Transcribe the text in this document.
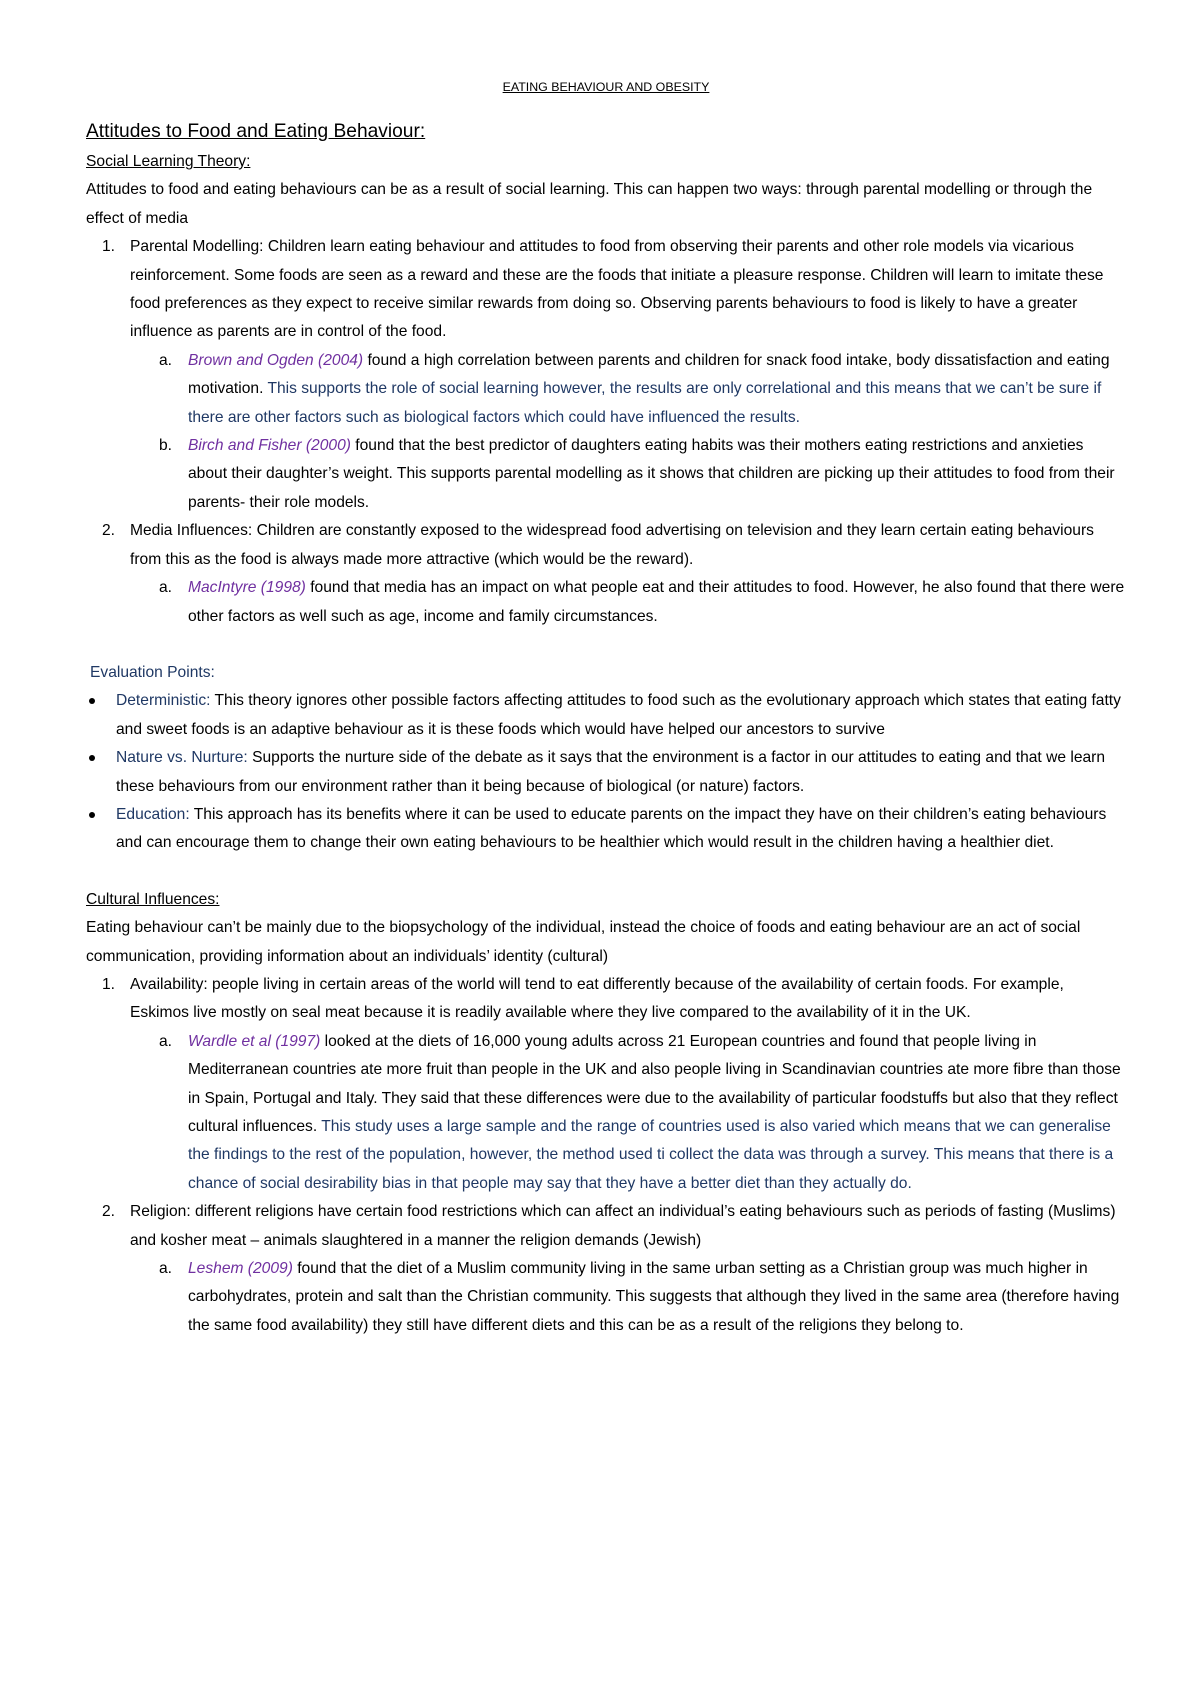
EATING BEHAVIOUR AND OBESITY

Attitudes to Food and Eating Behaviour:

Social Learning Theory:

Attitudes to food and eating behaviours can be as a result of social learning. This can happen two ways: through parental modelling or through the effect of media

1. Parental Modelling: Children learn eating behaviour and attitudes to food from observing their parents and other role models via vicarious reinforcement. Some foods are seen as a reward and these are the foods that initiate a pleasure response. Children will learn to imitate these food preferences as they expect to receive similar rewards from doing so. Observing parents behaviours to food is likely to have a greater influence as parents are in control of the food.
a. Brown and Ogden (2004) found a high correlation between parents and children for snack food intake, body dissatisfaction and eating motivation. This supports the role of social learning however, the results are only correlational and this means that we can’t be sure if there are other factors such as biological factors which could have influenced the results.
b. Birch and Fisher (2000) found that the best predictor of daughters eating habits was their mothers eating restrictions and anxieties about their daughter’s weight. This supports parental modelling as it shows that children are picking up their attitudes to food from their parents- their role models.
2. Media Influences: Children are constantly exposed to the widespread food advertising on television and they learn certain eating behaviours from this as the food is always made more attractive (which would be the reward).
a. MacIntyre (1998) found that media has an impact on what people eat and their attitudes to food. However, he also found that there were other factors as well such as age, income and family circumstances.

Evaluation Points:

Deterministic: This theory ignores other possible factors affecting attitudes to food such as the evolutionary approach which states that eating fatty and sweet foods is an adaptive behaviour as it is these foods which would have helped our ancestors to survive
Nature vs. Nurture: Supports the nurture side of the debate as it says that the environment is a factor in our attitudes to eating and that we learn these behaviours from our environment rather than it being because of biological (or nature) factors.
Education: This approach has its benefits where it can be used to educate parents on the impact they have on their children’s eating behaviours and can encourage them to change their own eating behaviours to be healthier which would result in the children having a healthier diet.

Cultural Influences:

Eating behaviour can’t be mainly due to the biopsychology of the individual, instead the choice of foods and eating behaviour are an act of social communication, providing information about an individuals’ identity (cultural)

1. Availability: people living in certain areas of the world will tend to eat differently because of the availability of certain foods. For example, Eskimos live mostly on seal meat because it is readily available where they live compared to the availability of it in the UK.
a. Wardle et al (1997) looked at the diets of 16,000 young adults across 21 European countries and found that people living in Mediterranean countries ate more fruit than people in the UK and also people living in Scandinavian countries ate more fibre than those in Spain, Portugal and Italy. They said that these differences were due to the availability of particular foodstuffs but also that they reflect cultural influences. This study uses a large sample and the range of countries used is also varied which means that we can generalise the findings to the rest of the population, however, the method used ti collect the data was through a survey. This means that there is a chance of social desirability bias in that people may say that they have a better diet than they actually do.
2. Religion: different religions have certain food restrictions which can affect an individual’s eating behaviours such as periods of fasting (Muslims) and kosher meat – animals slaughtered in a manner the religion demands (Jewish)
a. Leshem (2009) found that the diet of a Muslim community living in the same urban setting as a Christian group was much higher in carbohydrates, protein and salt than the Christian community. This suggests that although they lived in the same area (therefore having the same food availability) they still have different diets and this can be as a result of the religions they belong to.
